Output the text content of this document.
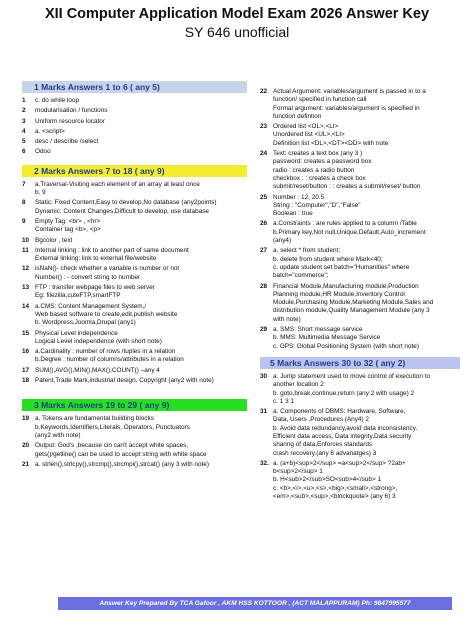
XII Computer Application Model Exam 2026 Answer Key
SY 646 unofficial
1 Marks Answers 1 to 6 ( any 5)
1 c. do while loop
2 modularisation / functions
3 Uniform resource locator
4 a. <script>
5 desc / describe /select
6 Odoo
2 Marks Answers 7 to 18 ( any 9)
7 a.Traversal-Visiting each element of an array at least once
b. 9
8 Static: Fixed Content,Easy to develop,No database (any2points)
Dynamic: Content Changes,Difficult to develop, use database
9 Empty Tag: <br> , <hr>
Container tag <b>, <p>
10 Bgcolor , text
11 Internal linking : link to another part of same document
External linking: link to external file/website
12 isNaN()- check whether a variable is number or not
Number() : - convert string to number
13 FTP : transfer webpage files to web server
Eg: filezilla,cuteFTP,smartFTP
14 a.CMS: Content Management System,/
Web based software to create,edit,publish website
b. Wordpress,Joomla,Drupal (any1)
15 Physical Level independence
Logical Level independence (with short note)
16 a.Cardinality : number of rows /tuples in a relation
b.Degree : number of columns/attributes in a relation
17 SUM(),AVG(),MIN(),MAX(),COUNT() –any 4
18 Patent,Trade Mark,industrial design, Copyright (any2 with note)
3 Marks Answers 19 to 29 ( any 9)
19 a. Tokens are fundamental building blocks
b.Keywords,Identifiers,Literals, Operators, Punctuators
(any2 with note)
20 Output: God's ,because cin can't accept white spaces,
gets()/getline() can be used to accept string with white space
21 a. strlen(),strlcpy(),strcmp(),strcmpi(),strcat() (any 3 with note)
22 Actual Argument: variables/argument is passed in to a
function/ specified in function call
Formal argument: variables/argument is specified in
function defintion
23 Ordered list <OL>,<LI>
Unordered list <UL>,<LI>
Definition list <DL>,<DT><DD> with note
24 Text: creates a text box (any 3 )
password: creates a password box
radio : creates a radio button
checkbox : : creates a check box
submit/reset/button : : creates a submit/reset/ button
25 Number : 12, 20.5
String : "Computer","D","False"
Boolean : true
26 a.Constraints : are rules applied to a column /Table
b.Primary key,Not null,Unique,Default,Auto_increment
(any4)
27 a. select * from student;
b. delete from student where Mark<40;
c. update student set batch="Humanities" where
batch="commerce";
28 Financial Module,Manufacturing module,Production
Planning module,HR Module,Inventory Control
Module,Purchasing Module,Marketing Module,Sales and
distribution module,Quality Management Module (any 3
with note)
29 a. SMS: Short message service
b. MMS: Multimedia Message Service
c. GPS: Global Positioning System (with short note)
5 Marks Answers 30 to 32 ( any 2)
30 a. Jump statement used to move control of execution to
another location 2
b. goto,break,continue,return (any 2 with usage) 2
c. 1 3 1
31 a. Components of DBMS: Hardware, Software,
Data, Users ,Procedures (Any4) 2
b. Avoid data redundancy,avoid data inconsistency.
Efficient data access, Data integrity,Data security
sharing of data,Enforces standards
crash recovery.(any 6 advanatges) 3
32. a. (a+b)<sup>2</sup> =a<sup>2</sup> ?2ab+
b<sup>2</sup> 1
b. H<sub>2</sub>SO<sub>4</sub> 1
c. <b>,<i>,<u>,<s>,<big>,<small>,<strong>,
<em>,<sub>,<sup>,<blockquote> (any 6) 3
Answer Key Prepared By TCA Gafoor , AKM HSS KOTTOOR , (ACT MALAPPURAM) Ph: 9847995577
